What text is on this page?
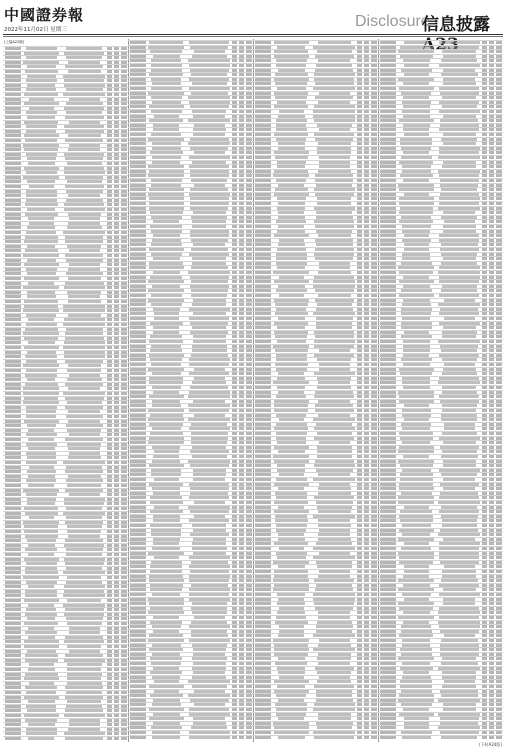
中國證券報
2022年11月02日 星期三	Disclosure
信息披露
(上接A22版)
(下转A24版)
